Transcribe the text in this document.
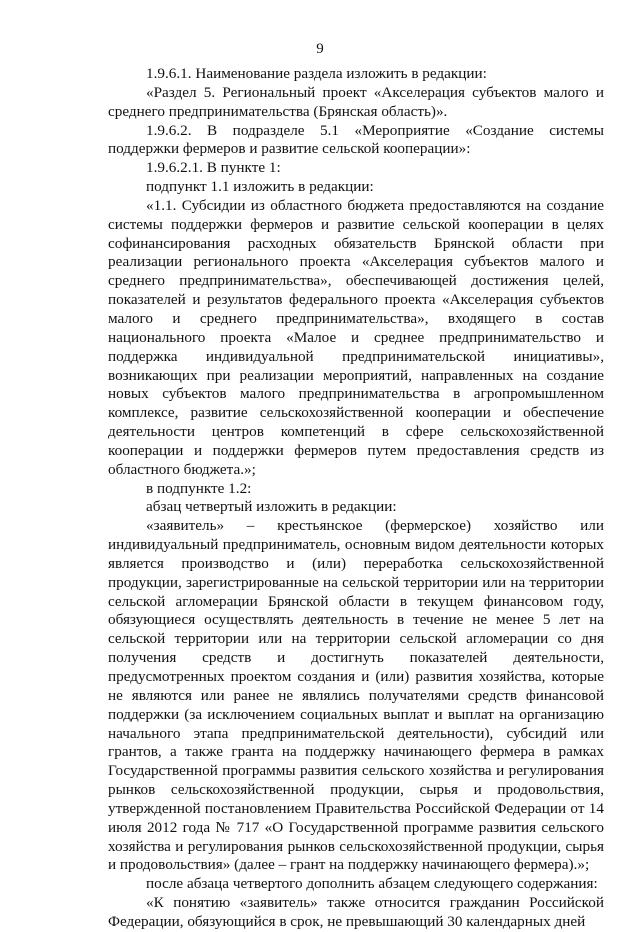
9

1.9.6.1. Наименование раздела изложить в редакции:

«Раздел 5. Региональный проект «Акселерация субъектов малого и среднего предпринимательства (Брянская область)».

1.9.6.2. В подразделе 5.1 «Мероприятие «Создание системы поддержки фермеров и развитие сельской кооперации»:

1.9.6.2.1. В пункте 1:

подпункт 1.1 изложить в редакции:

«1.1. Субсидии из областного бюджета предоставляются на создание системы поддержки фермеров и развитие сельской кооперации в целях софинансирования расходных обязательств Брянской области при реализации регионального проекта «Акселерация субъектов малого и среднего предпринимательства», обеспечивающей достижения целей, показателей и результатов федерального проекта «Акселерация субъектов малого и среднего предпринимательства», входящего в состав национального проекта «Малое и среднее предпринимательство и поддержка индивидуальной предпринимательской инициативы», возникающих при реализации мероприятий, направленных на создание новых субъектов малого предпринимательства в агропромышленном комплексе, развитие сельскохозяйственной кооперации и обеспечение деятельности центров компетенций в сфере сельскохозяйственной кооперации и поддержки фермеров путем предоставления средств из областного бюджета.»;

в подпункте 1.2:

абзац четвертый изложить в редакции:

«заявитель» – крестьянское (фермерское) хозяйство или индивидуальный предприниматель, основным видом деятельности которых является производство и (или) переработка сельскохозяйственной продукции, зарегистрированные на сельской территории или на территории сельской агломерации Брянской области в текущем финансовом году, обязующиеся осуществлять деятельность в течение не менее 5 лет на сельской территории или на территории сельской агломерации со дня получения средств и достигнуть показателей деятельности, предусмотренных проектом создания и (или) развития хозяйства, которые не являются или ранее не являлись получателями средств финансовой поддержки (за исключением социальных выплат и выплат на организацию начального этапа предпринимательской деятельности), субсидий или грантов, а также гранта на поддержку начинающего фермера в рамках Государственной программы развития сельского хозяйства и регулирования рынков сельскохозяйственной продукции, сырья и продовольствия, утвержденной постановлением Правительства Российской Федерации от 14 июля 2012 года № 717 «О Государственной программе развития сельского хозяйства и регулирования рынков сельскохозяйственной продукции, сырья и продовольствия» (далее – грант на поддержку начинающего фермера).»;

после абзаца четвертого дополнить абзацем следующего содержания:

«К понятию «заявитель» также относится гражданин Российской Федерации, обязующийся в срок, не превышающий 30 календарных дней
